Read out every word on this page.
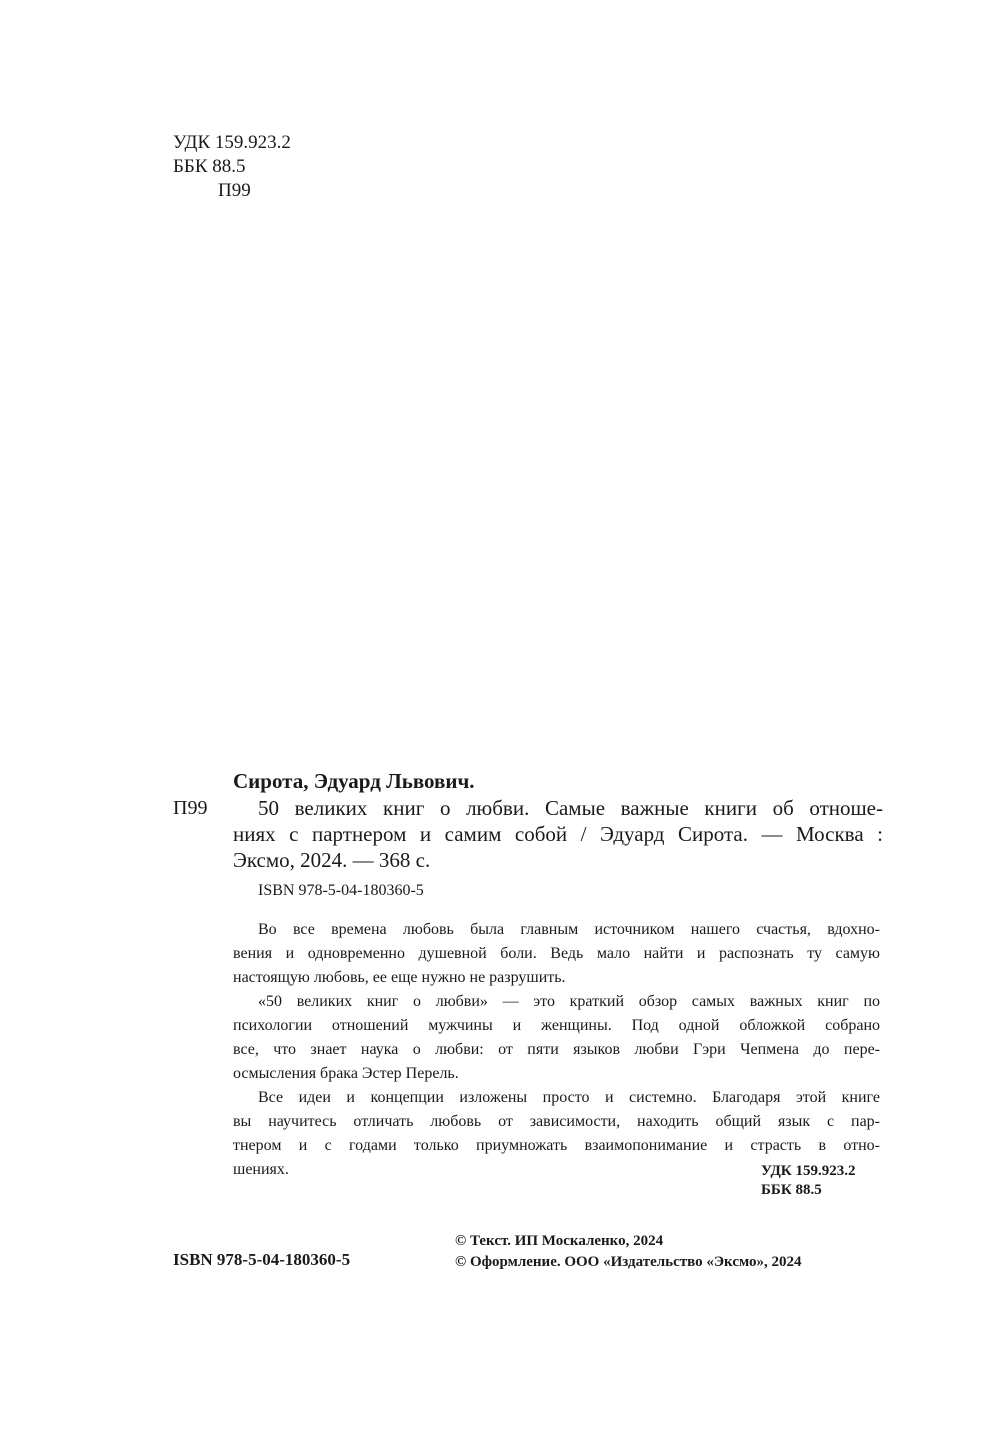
УДК 159.923.2
ББК 88.5
П99
Сирота, Эдуард Львович.
П99 50 великих книг о любви. Самые важные книги об отноше-
ниях с партнером и самим собой / Эдуард Сирота. — Москва :
Эксмо, 2024. — 368 с.
ISBN 978-5-04-180360-5
Во все времена любовь была главным источником нашего счастья, вдохно-
вения и одновременно душевной боли. Ведь мало найти и распознать ту самую
настоящую любовь, ее еще нужно не разрушить.
«50 великих книг о любви» — это краткий обзор самых важных книг по
психологии отношений мужчины и женщины. Под одной обложкой собрано
все, что знает наука о любви: от пяти языков любви Гэри Чепмена до пере-
осмысления брака Эстер Перель.
Все идеи и концепции изложены просто и системно. Благодаря этой книге
вы научитесь отличать любовь от зависимости, находить общий язык с пар-
тнером и с годами только приумножать взаимопонимание и страсть в отно-
шениях.	УДК 159.923.2
ББК 88.5
© Текст. ИП Москаленко, 2024
ISBN 978-5-04-180360-5	© Оформление. ООО «Издательство «Эксмо», 2024
